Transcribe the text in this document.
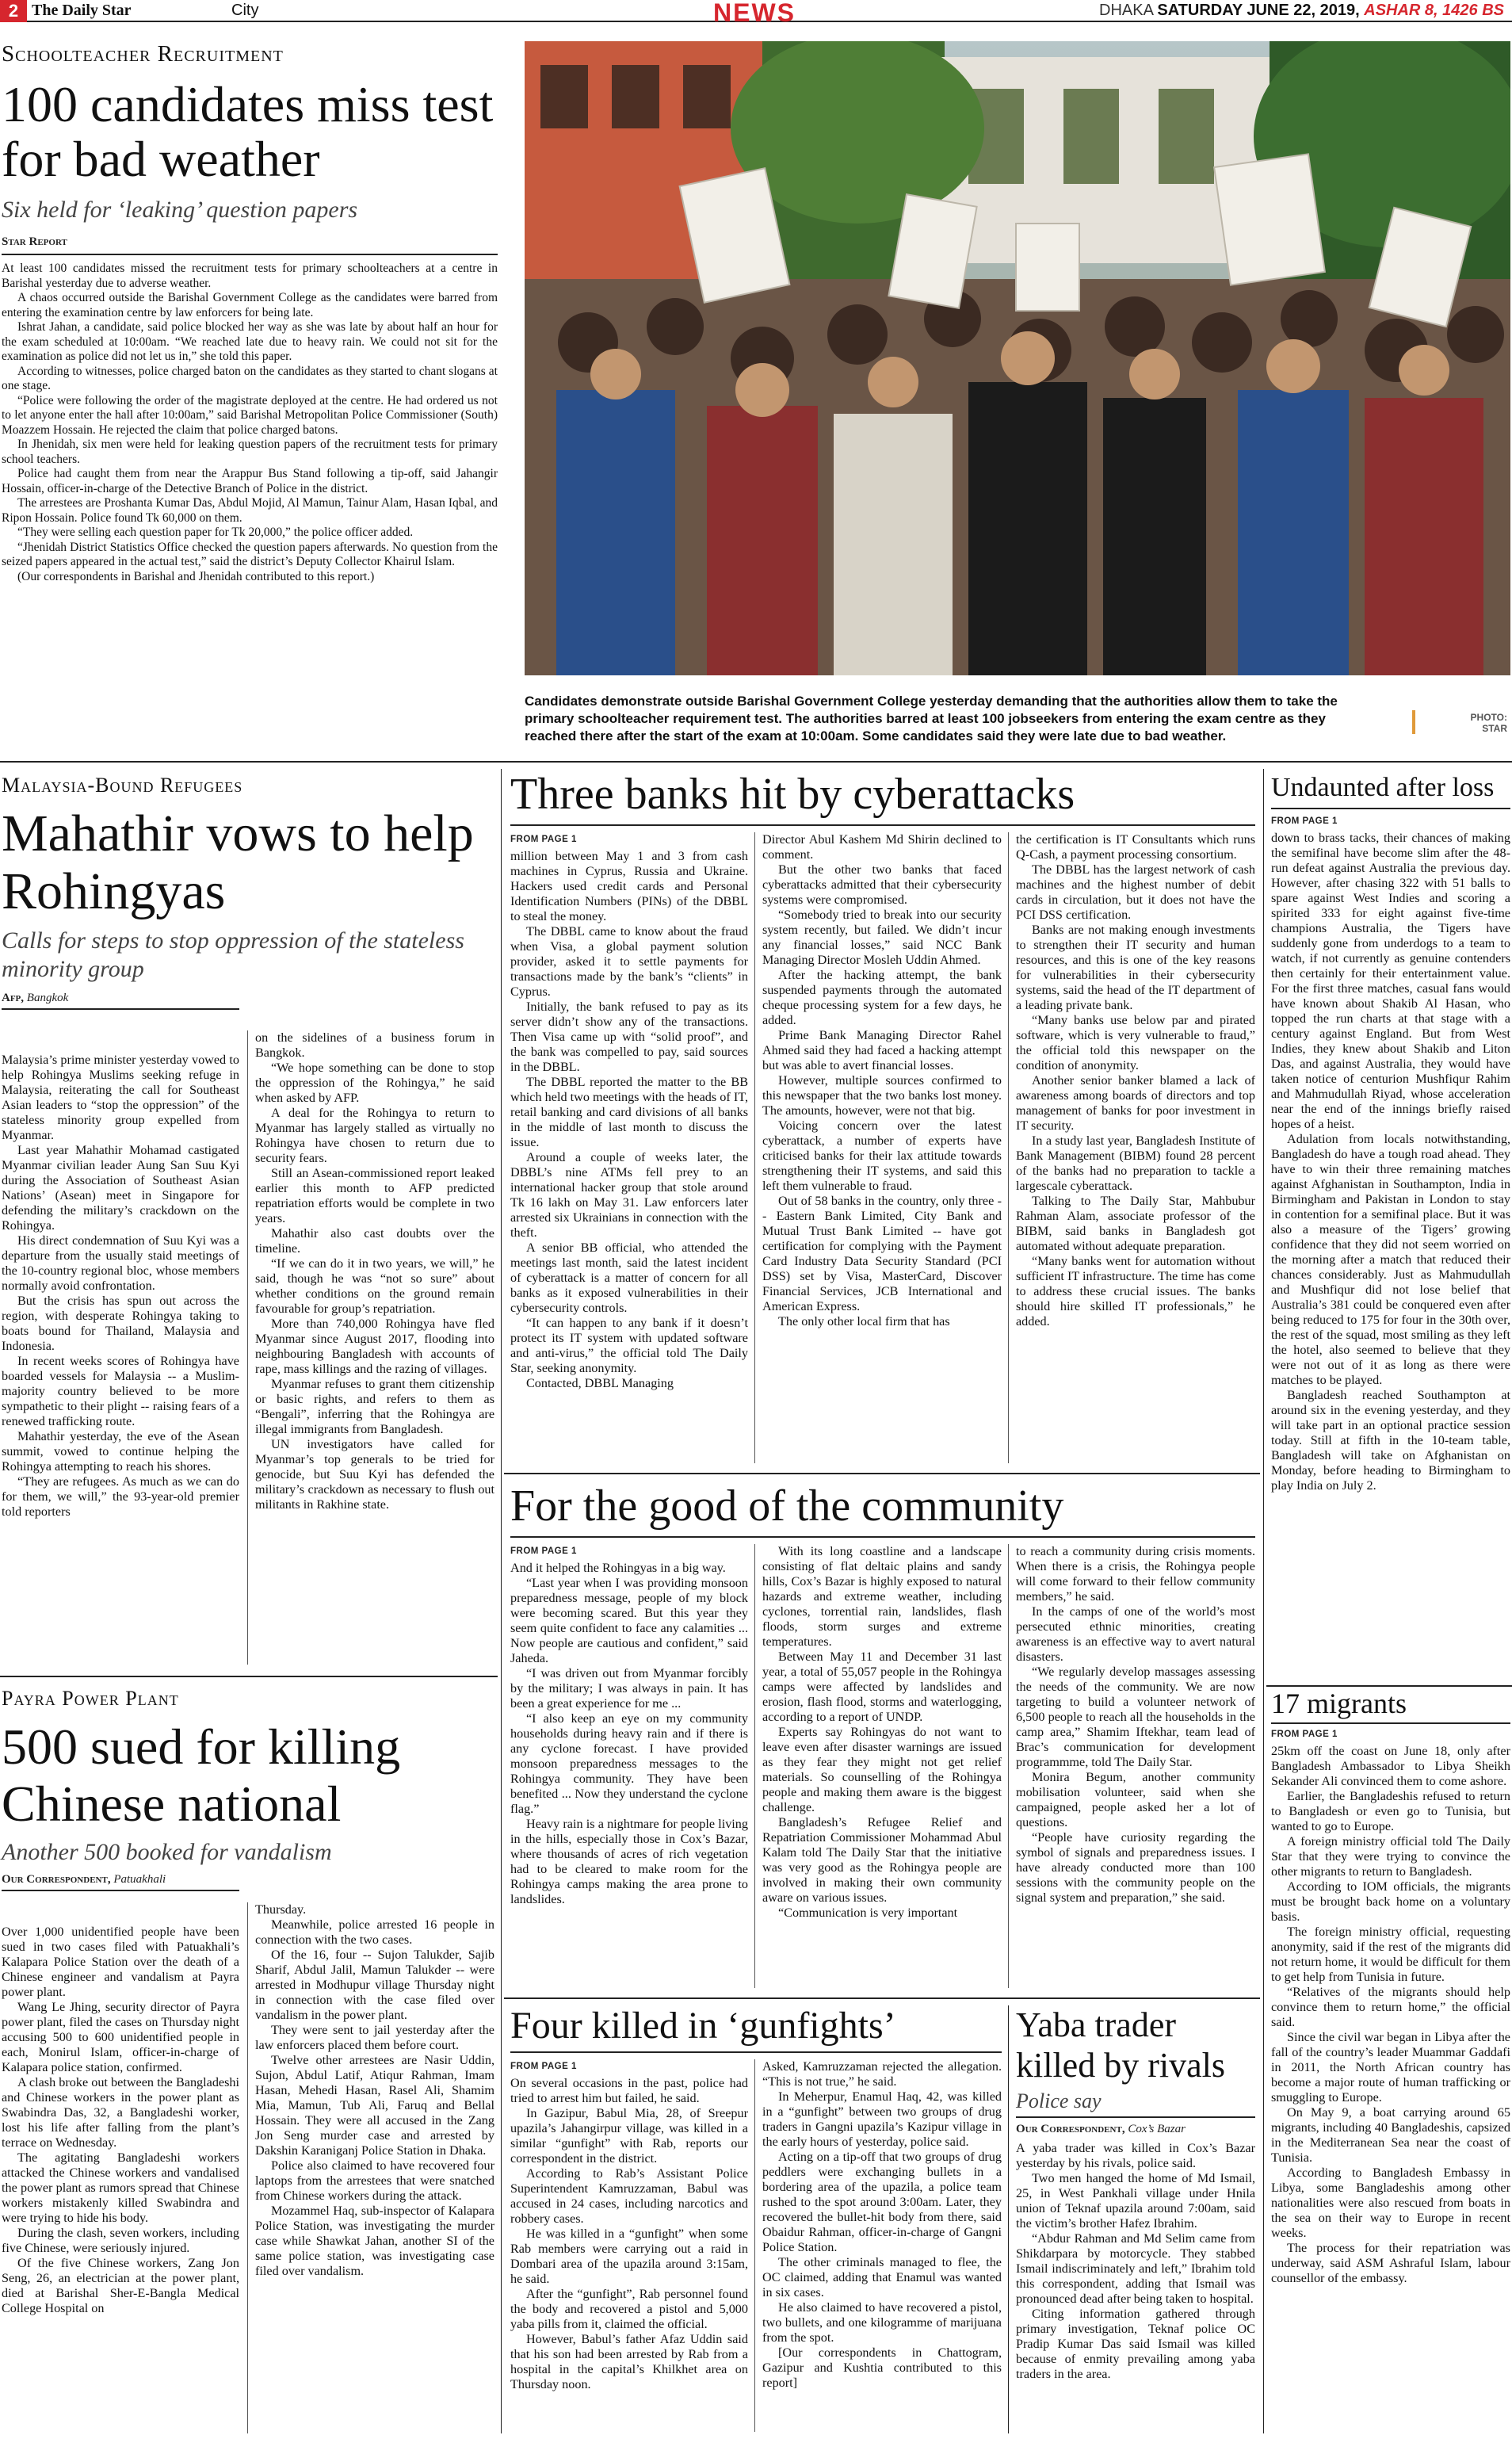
2 The Daily Star	City	NEWS	DHAKA SATURDAY JUNE 22, 2019, ASHAR 8, 1426 BS
Schoolteacher Recruitment
100 candidates miss test for bad weather
Six held for ‘leaking’ question papers
Star Report

At least 100 candidates missed the recruitment tests for primary schoolteachers at a centre in Barishal yesterday due to adverse weather.

A chaos occurred outside the Barishal Government College as the candidates were barred from entering the examination centre by law enforcers for being late.

Ishrat Jahan, a candidate, said police blocked her way as she was late by about half an hour for the exam scheduled at 10:00am. “We reached late due to heavy rain. We could not sit for the examination as police did not let us in,” she told this paper.

According to witnesses, police charged baton on the candidates as they started to chant slogans at one stage.

“Police were following the order of the magistrate deployed at the centre. He had ordered us not to let anyone enter the hall after 10:00am,” said Barishal Metropolitan Police Commissioner (South) Moazzem Hossain. He rejected the claim that police charged batons.

In Jhenidah, six men were held for leaking question papers of the recruitment tests for primary school teachers.

Police had caught them from near the Arappur Bus Stand following a tip-off, said Jahangir Hossain, officer-in-charge of the Detective Branch of Police in the district.

The arrestees are Proshanta Kumar Das, Abdul Mojid, Al Mamun, Tainur Alam, Hasan Iqbal, and Ripon Hossain. Police found Tk 60,000 on them.

“They were selling each question paper for Tk 20,000,” the police officer added.

“Jhenidah District Statistics Office checked the question papers afterwards. No question from the seized papers appeared in the actual test,” said the district’s Deputy Collector Khairul Islam.

(Our correspondents in Barishal and Jhenidah contributed to this report.)

Candidates demonstrate outside Barishal Government College yesterday demanding that the authorities allow them to take the primary schoolteacher requirement test. The authorities barred at least 100 jobseekers from entering the exam centre as they reached there after the start of the exam at 10:00am. Some candidates said they were late due to bad weather.
PHOTO:
STAR
Malaysia-Bound Refugees
Mahathir vows to help Rohingyas
Calls for steps to stop oppression of the stateless minority group
Afp, Bangkok

Malaysia’s prime minister yesterday vowed to help Rohingya Muslims seeking refuge in Malaysia, reiterating the call for Southeast Asian leaders to “stop the oppression” of the stateless minority group expelled from Myanmar.

Last year Mahathir Mohamad castigated Myanmar civilian leader Aung San Suu Kyi during the Association of Southeast Asian Nations’ (Asean) meet in Singapore for defending the military’s crackdown on the Rohingya.

His direct condemnation of Suu Kyi was a departure from the usually staid meetings of the 10-country regional bloc, whose members normally avoid confrontation.

But the crisis has spun out across the region, with desperate Rohingya taking to boats bound for Thailand, Malaysia and Indonesia.

In recent weeks scores of Rohingya have boarded vessels for Malaysia -- a Muslim-majority country believed to be more sympathetic to their plight -- raising fears of a renewed trafficking route.

Mahathir yesterday, the eve of the Asean summit, vowed to continue helping the Rohingya attempting to reach his shores.

“They are refugees. As much as we can do for them, we will,” the 93-year-old premier told reporters

on the sidelines of a business forum in Bangkok.

“We hope something can be done to stop the oppression of the Rohingya,” he said when asked by AFP.

A deal for the Rohingya to return to Myanmar has largely stalled as virtually no Rohingya have chosen to return due to security fears.

Still an Asean-commissioned report leaked earlier this month to AFP predicted repatriation efforts would be complete in two years.

Mahathir also cast doubts over the timeline.

“If we can do it in two years, we will,” he said, though he was “not so sure” about whether conditions on the ground remain favourable for group’s repatriation.

More than 740,000 Rohingya have fled Myanmar since August 2017, flooding into neighbouring Bangladesh with accounts of rape, mass killings and the razing of villages.

Myanmar refuses to grant them citizenship or basic rights, and refers to them as “Bengali”, inferring that the Rohingya are illegal immigrants from Bangladesh.

UN investigators have called for Myanmar’s top generals to be tried for genocide, but Suu Kyi has defended the military’s crackdown as necessary to flush out militants in Rakhine state.

Payra Power Plant
500 sued for killing Chinese national
Another 500 booked for vandalism
Our Correspondent, Patuakhali

Over 1,000 unidentified people have been sued in two cases filed with Patuakhali’s Kalapara Police Station over the death of a Chinese engineer and vandalism at Payra power plant.

Wang Le Jhing, security director of Payra power plant, filed the cases on Thursday night accusing 500 to 600 unidentified people in each, Monirul Islam, officer-in-charge of Kalapara police station, confirmed.

A clash broke out between the Bangladeshi and Chinese workers in the power plant as Swabindra Das, 32, a Bangladeshi worker, lost his life after falling from the plant’s terrace on Wednesday.

The agitating Bangladeshi workers attacked the Chinese workers and vandalised the power plant as rumors spread that Chinese workers mistakenly killed Swabindra and were trying to hide his body.

During the clash, seven workers, including five Chinese, were seriously injured.

Of the five Chinese workers, Zang Jon Seng, 26, an electrician at the power plant, died at Barishal Sher-E-Bangla Medical College Hospital on

Thursday.

Meanwhile, police arrested 16 people in connection with the two cases.

Of the 16, four -- Sujon Talukder, Sajib Sharif, Abdul Jalil, Mamun Talukder -- were arrested in Modhupur village Thursday night in connection with the case filed over vandalism in the power plant.

They were sent to jail yesterday after the law enforcers placed them before court.

Twelve other arrestees are Nasir Uddin, Sujon, Abdul Latif, Atiqur Rahman, Imam Hasan, Mehedi Hasan, Rasel Ali, Shamim Mia, Mamun, Tub Ali, Faruq and Bellal Hossain. They were all accused in the Zang Jon Seng murder case and arrested by Dakshin Karaniganj Police Station in Dhaka.

Police also claimed to have recovered four laptops from the arrestees that were snatched from Chinese workers during the attack.

Mozammel Haq, sub-inspector of Kalapara Police Station, was investigating the murder case while Shawkat Jahan, another SI of the same police station, was investigating case filed over vandalism.

Three banks hit by cyberattacks

FROM PAGE 1

million between May 1 and 3 from cash machines in Cyprus, Russia and Ukraine. Hackers used credit cards and Personal Identification Numbers (PINs) of the DBBL to steal the money.

The DBBL came to know about the fraud when Visa, a global payment solution provider, asked it to settle payments for transactions made by the bank’s “clients” in Cyprus.

Initially, the bank refused to pay as its server didn’t show any of the transactions. Then Visa came up with “solid proof”, and the bank was compelled to pay, said sources in the DBBL.

The DBBL reported the matter to the BB which held two meetings with the heads of IT, retail banking and card divisions of all banks in the middle of last month to discuss the issue.

Around a couple of weeks later, the DBBL’s nine ATMs fell prey to an international hacker group that stole around Tk 16 lakh on May 31. Law enforcers later arrested six Ukrainians in connection with the theft.

A senior BB official, who attended the meetings last month, said the latest incident of cyberattack is a matter of concern for all banks as it exposed vulnerabilities in their cybersecurity controls.

“It can happen to any bank if it doesn’t protect its IT system with updated software and anti-virus,” the official told The Daily Star, seeking anonymity.

Contacted, DBBL Managing

Director Abul Kashem Md Shirin declined to comment.

But the other two banks that faced cyberattacks admitted that their cybersecurity systems were compromised.

“Somebody tried to break into our security system recently, but failed. We didn’t incur any financial losses,” said NCC Bank Managing Director Mosleh Uddin Ahmed.

After the hacking attempt, the bank suspended payments through the automated cheque processing system for a few days, he added.

Prime Bank Managing Director Rahel Ahmed said they had faced a hacking attempt but was able to avert financial losses.

However, multiple sources confirmed to this newspaper that the two banks lost money. The amounts, however, were not that big.

Voicing concern over the latest cyberattack, a number of experts have criticised banks for their lax attitude towards strengthening their IT systems, and said this left them vulnerable to fraud.

Out of 58 banks in the country, only three -- Eastern Bank Limited, City Bank and Mutual Trust Bank Limited -- have got certification for complying with the Payment Card Industry Data Security Standard (PCI DSS) set by Visa, MasterCard, Discover Financial Services, JCB International and American Express.

The only other local firm that has

the certification is IT Consultants which runs Q-Cash, a payment processing consortium.

The DBBL has the largest network of cash machines and the highest number of debit cards in circulation, but it does not have the PCI DSS certification.

Banks are not making enough investments to strengthen their IT security and human resources, and this is one of the key reasons for vulnerabilities in their cybersecurity systems, said the head of the IT department of a leading private bank.

“Many banks use below par and pirated software, which is very vulnerable to fraud,” the official told this newspaper on the condition of anonymity.

Another senior banker blamed a lack of awareness among boards of directors and top management of banks for poor investment in IT security.

In a study last year, Bangladesh Institute of Bank Management (BIBM) found 28 percent of the banks had no preparation to tackle a largescale cyberattack.

Talking to The Daily Star, Mahbubur Rahman Alam, associate professor of the BIBM, said banks in Bangladesh got automated without adequate preparation.

“Many banks went for automation without sufficient IT infrastructure. The time has come to address these crucial issues. The banks should hire skilled IT professionals,” he added.

For the good of the community

FROM PAGE 1

And it helped the Rohingyas in a big way.

“Last year when I was providing monsoon preparedness message, people of my block were becoming scared. But this year they seem quite confident to face any calamities ... Now people are cautious and confident,” said Jaheda.

“I was driven out from Myanmar forcibly by the military; I was always in pain. It has been a great experience for me ...

“I also keep an eye on my community households during heavy rain and if there is any cyclone forecast. I have provided monsoon preparedness messages to the Rohingya community. They have been benefited ... Now they understand the cyclone flag.”

Heavy rain is a nightmare for people living in the hills, especially those in Cox’s Bazar, where thousands of acres of rich vegetation had to be cleared to make room for the Rohingya camps making the area prone to landslides.

With its long coastline and a landscape consisting of flat deltaic plains and sandy hills, Cox’s Bazar is highly exposed to natural hazards and extreme weather, including cyclones, torrential rain, landslides, flash floods, storm surges and extreme temperatures.

Between May 11 and December 31 last year, a total of 55,057 people in the Rohingya camps were affected by landslides and erosion, flash flood, storms and waterlogging, according to a report of UNDP.

Experts say Rohingyas do not want to leave even after disaster warnings are issued as they fear they might not get relief materials. So counselling of the Rohingya people and making them aware is the biggest challenge.

Bangladesh’s Refugee Relief and Repatriation Commissioner Mohammad Abul Kalam told The Daily Star that the initiative was very good as the Rohingya people are involved in making their own community aware on various issues.

“Communication is very important

to reach a community during crisis moments. When there is a crisis, the Rohingya people will come forward to their fellow community members,” he said.

In the camps of one of the world’s most persecuted ethnic minorities, creating awareness is an effective way to avert natural disasters.

“We regularly develop massages assessing the needs of the community. We are now targeting to build a volunteer network of 6,500 people to reach all the households in the camp area,” Shamim Iftekhar, team lead of Brac’s communication for development programmme, told The Daily Star.

Monira Begum, another community mobilisation volunteer, said when she campaigned, people asked her a lot of questions.

“People have curiosity regarding the symbol of signals and preparedness issues. I have already conducted more than 100 sessions with the community people on the signal system and preparation,” she said.

Four killed in ‘gunfights’

FROM PAGE 1

On several occasions in the past, police had tried to arrest him but failed, he said.

In Gazipur, Babul Mia, 28, of Sreepur upazila’s Jahangirpur village, was killed in a similar “gunfight” with Rab, reports our correspondent in the district.

According to Rab’s Assistant Police Superintendent Kamruzzaman, Babul was accused in 24 cases, including narcotics and robbery cases.

He was killed in a “gunfight” when some Rab members were carrying out a raid in Dombari area of the upazila around 3:15am, he said.

After the “gunfight”, Rab personnel found the body and recovered a pistol and 5,000 yaba pills from it, claimed the official.

However, Babul’s father Afaz Uddin said that his son had been arrested by Rab from a hospital in the capital’s Khilkhet area on Thursday noon.

Asked, Kamruzzaman rejected the allegation. “This is not true,” he said.

In Meherpur, Enamul Haq, 42, was killed in a “gunfight” between two groups of drug traders in Gangni upazila’s Kazipur village in the early hours of yesterday, police said.

Acting on a tip-off that two groups of drug peddlers were exchanging bullets in a bordering area of the upazila, a police team rushed to the spot around 3:00am. Later, they recovered the bullet-hit body from there, said Obaidur Rahman, officer-in-charge of Gangni Police Station.

The other criminals managed to flee, the OC claimed, adding that Enamul was wanted in six cases.

He also claimed to have recovered a pistol, two bullets, and one kilogramme of marijuana from the spot.

[Our correspondents in Chattogram, Gazipur and Kushtia contributed to this report]

Yaba trader killed by rivals
Police say
Our Correspondent, Cox’s Bazar

A yaba trader was killed in Cox’s Bazar yesterday by his rivals, police said.

Two men hanged the home of Md Ismail, 25, in West Pankhali village under Hnila union of Teknaf upazila around 7:00am, said the victim’s brother Hafez Ibrahim.

“Abdur Rahman and Md Selim came from Shikdarpara by motorcycle. They stabbed Ismail indiscriminately and left,” Ibrahim told this correspondent, adding that Ismail was pronounced dead after being taken to hospital.

Citing information gathered through primary investigation, Teknaf police OC Pradip Kumar Das said Ismail was killed because of enmity prevailing among yaba traders in the area.

Undaunted after loss

FROM PAGE 1

down to brass tacks, their chances of making the semifinal have become slim after the 48-run defeat against Australia the previous day. However, after chasing 322 with 51 balls to spare against West Indies and scoring a spirited 333 for eight against five-time champions Australia, the Tigers have suddenly gone from underdogs to a team to watch, if not currently as genuine contenders then certainly for their entertainment value. For the first three matches, casual fans would have known about Shakib Al Hasan, who topped the run charts at that stage with a century against England. But from West Indies, they knew about Shakib and Liton Das, and against Australia, they would have taken notice of centurion Mushfiqur Rahim and Mahmudullah Riyad, whose acceleration near the end of the innings briefly raised hopes of a heist.

Adulation from locals notwithstanding, Bangladesh do have a tough road ahead. They have to win their three remaining matches against Afghanistan in Southampton, India in Birmingham and Pakistan in London to stay in contention for a semifinal place. But it was also a measure of the Tigers’ growing confidence that they did not seem worried on the morning after a match that reduced their chances considerably. Just as Mahmudullah and Mushfiqur did not lose belief that Australia’s 381 could be conquered even after being reduced to 175 for four in the 30th over, the rest of the squad, most smiling as they left the hotel, also seemed to believe that they were not out of it as long as there were matches to be played.

Bangladesh reached Southampton at around six in the evening yesterday, and they will take part in an optional practice session today. Still at fifth in the 10-team table, Bangladesh will take on Afghanistan on Monday, before heading to Birmingham to play India on July 2.

17 migrants

FROM PAGE 1

25km off the coast on June 18, only after Bangladesh Ambassador to Libya Sheikh Sekander Ali convinced them to come ashore.

Earlier, the Bangladeshis refused to return to Bangladesh or even go to Tunisia, but wanted to go to Europe.

A foreign ministry official told The Daily Star that they were trying to convince the other migrants to return to Bangladesh.

According to IOM officials, the migrants must be brought back home on a voluntary basis.

The foreign ministry official, requesting anonymity, said if the rest of the migrants did not return home, it would be difficult for them to get help from Tunisia in future.

“Relatives of the migrants should help convince them to return home,” the official said.

Since the civil war began in Libya after the fall of the country’s leader Muammar Gaddafi in 2011, the North African country has become a major route of human trafficking or smuggling to Europe.

On May 9, a boat carrying around 65 migrants, including 40 Bangladeshis, capsized in the Mediterranean Sea near the coast of Tunisia.

According to Bangladesh Embassy in Libya, some Bangladeshis among other nationalities were also rescued from boats in the sea on their way to Europe in recent weeks.

The process for their repatriation was underway, said ASM Ashraful Islam, labour counsellor of the embassy.
